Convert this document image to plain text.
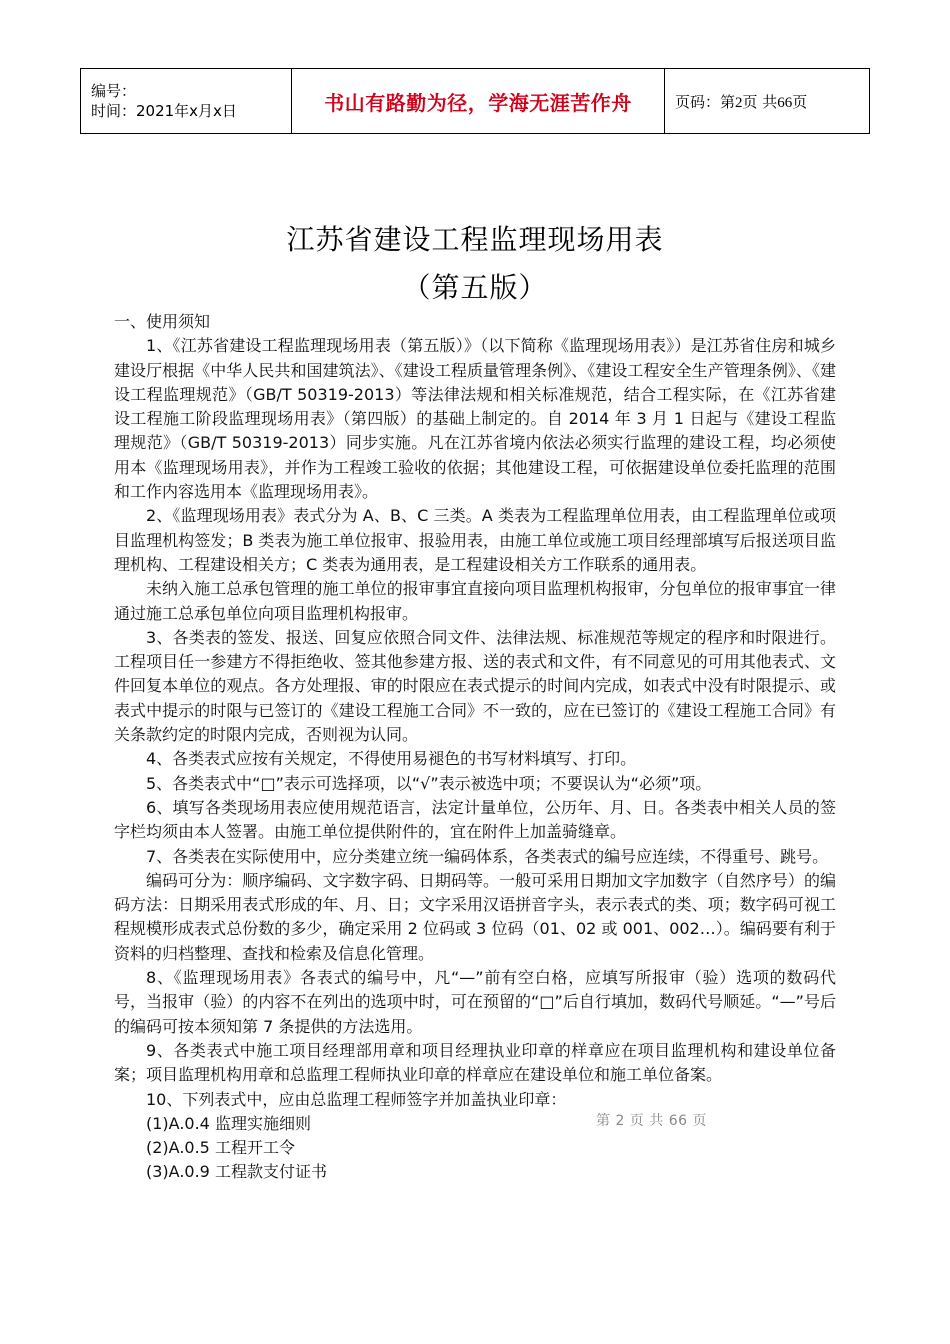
编号：
时间：2021年x月x日	书山有路勤为径，学海无涯苦作舟	页码：第2页 共66页
江苏省建设工程监理现场用表
（第五版）

一、使用须知

1、《江苏省建设工程监理现场用表（第五版）》（以下简称《监理现场用表》）是江苏省住房和城乡建设厅根据《中华人民共和国建筑法》、《建设工程质量管理条例》、《建设工程安全生产管理条例》、《建设工程监理规范》（GB/T 50319-2013）等法律法规和相关标准规范，结合工程实际，在《江苏省建设工程施工阶段监理现场用表》（第四版）的基础上制定的。自 2014 年 3 月 1 日起与《建设工程监理规范》（GB/T 50319-2013）同步实施。凡在江苏省境内依法必须实行监理的建设工程，均必须使用本《监理现场用表》，并作为工程竣工验收的依据；其他建设工程，可依据建设单位委托监理的范围和工作内容选用本《监理现场用表》。

2、《监理现场用表》表式分为 A、B、C 三类。A 类表为工程监理单位用表，由工程监理单位或项目监理机构签发；B 类表为施工单位报审、报验用表，由施工单位或施工项目经理部填写后报送项目监理机构、工程建设相关方；C 类表为通用表，是工程建设相关方工作联系的通用表。

未纳入施工总承包管理的施工单位的报审事宜直接向项目监理机构报审，分包单位的报审事宜一律通过施工总承包单位向项目监理机构报审。

3、各类表的签发、报送、回复应依照合同文件、法律法规、标准规范等规定的程序和时限进行。工程项目任一参建方不得拒绝收、签其他参建方报、送的表式和文件，有不同意见的可用其他表式、文件回复本单位的观点。各方处理报、审的时限应在表式提示的时间内完成，如表式中没有时限提示、或表式中提示的时限与已签订的《建设工程施工合同》不一致的，应在已签订的《建设工程施工合同》有关条款约定的时限内完成，否则视为认同。

4、各类表式应按有关规定，不得使用易褪色的书写材料填写、打印。

5、各类表式中“□”表示可选择项，以“√”表示被选中项；不要误认为“必须”项。

6、填写各类现场用表应使用规范语言，法定计量单位，公历年、月、日。各类表中相关人员的签字栏均须由本人签署。由施工单位提供附件的，宜在附件上加盖骑缝章。

7、各类表在实际使用中，应分类建立统一编码体系，各类表式的编号应连续，不得重号、跳号。

编码可分为：顺序编码、文字数字码、日期码等。一般可采用日期加文字加数字（自然序号）的编码方法：日期采用表式形成的年、月、日；文字采用汉语拼音字头，表示表式的类、项；数字码可视工程规模形成表式总份数的多少，确定采用 2 位码或 3 位码（01、02 或 001、002…）。编码要有利于资料的归档整理、查找和检索及信息化管理。

8、《监理现场用表》各表式的编号中，凡“—”前有空白格，应填写所报审（验）选项的数码代号，当报审（验）的内容不在列出的选项中时，可在预留的“□”后自行填加，数码代号顺延。“—”号后的编码可按本须知第 7 条提供的方法选用。

9、各类表式中施工项目经理部用章和项目经理执业印章的样章应在项目监理机构和建设单位备案；项目监理机构用章和总监理工程师执业印章的样章应在建设单位和施工单位备案。

10、下列表式中，应由总监理工程师签字并加盖执业印章：

(1)A.0.4 监理实施细则

(2)A.0.5 工程开工令

(3)A.0.9 工程款支付证书

第 2 页 共 66 页
